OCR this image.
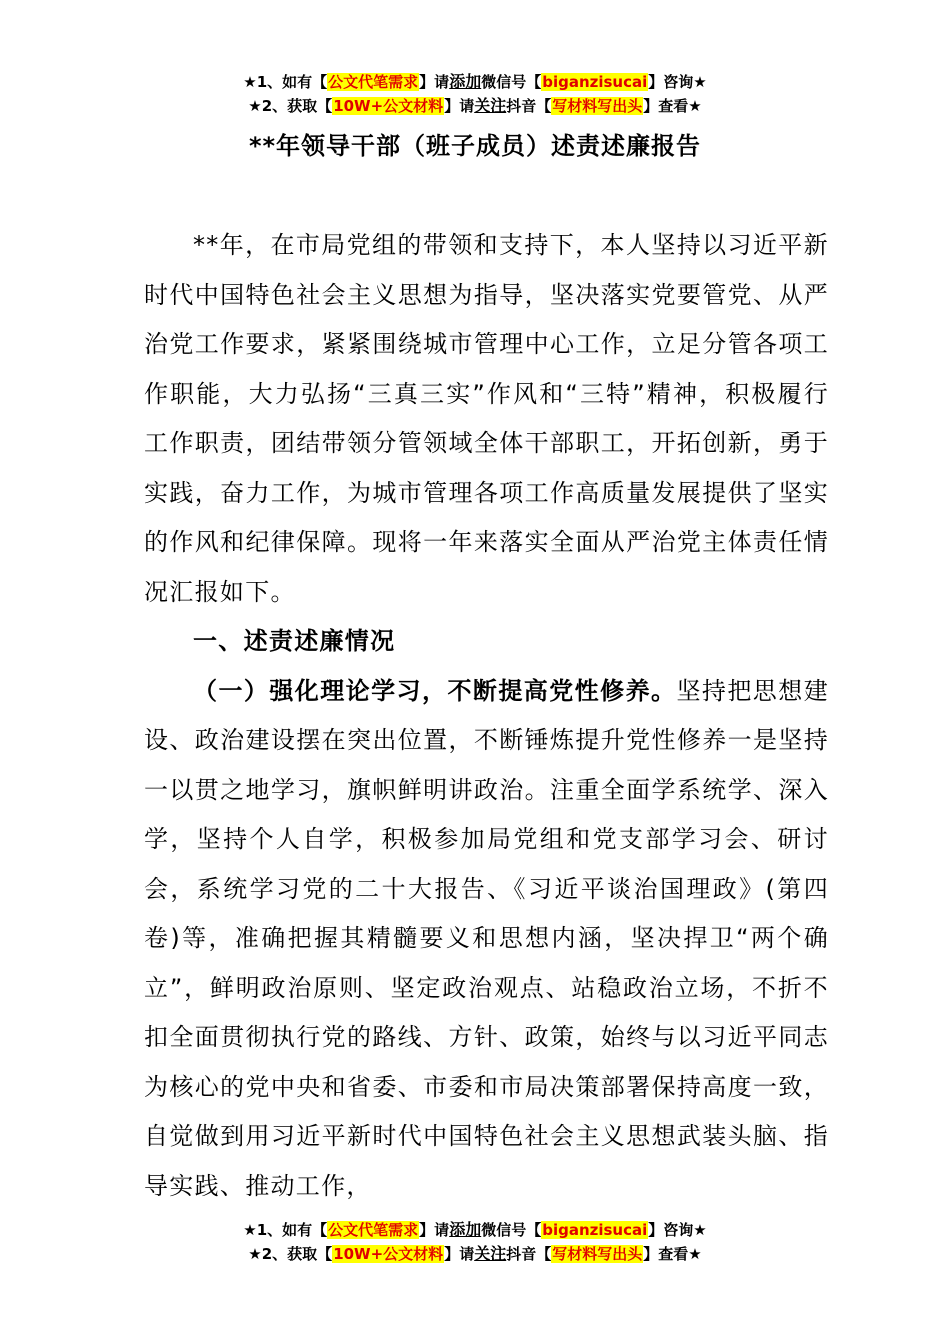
★1、如有【公文代笔需求】请添加微信号【biganzisucai】咨询★
★2、获取【10W+公文材料】请关注抖音【写材料写出头】查看★
**年领导干部（班子成员）述责述廉报告

**年，在市局党组的带领和支持下，本人坚持以习近平新时代中国特色社会主义思想为指导，坚决落实党要管党、从严治党工作要求，紧紧围绕城市管理中心工作，立足分管各项工作职能，大力弘扬“三真三实”作风和“三特”精神，积极履行工作职责，团结带领分管领域全体干部职工，开拓创新，勇于实践，奋力工作，为城市管理各项工作高质量发展提供了坚实的作风和纪律保障。现将一年来落实全面从严治党主体责任情况汇报如下。

一、述责述廉情况

（一）强化理论学习，不断提高党性修养。坚持把思想建设、政治建设摆在突出位置，不断锤炼提升党性修养一是坚持一以贯之地学习，旗帜鲜明讲政治。注重全面学系统学、深入学，坚持个人自学，积极参加局党组和党支部学习会、研讨会，系统学习党的二十大报告、《习近平谈治国理政》(第四卷)等，准确把握其精髓要义和思想内涵，坚决捍卫“两个确立”，鲜明政治原则、坚定政治观点、站稳政治立场，不折不扣全面贯彻执行党的路线、方针、政策，始终与以习近平同志为核心的党中央和省委、市委和市局决策部署保持高度一致，自觉做到用习近平新时代中国特色社会主义思想武装头脑、指导实践、推动工作，

★1、如有【公文代笔需求】请添加微信号【biganzisucai】咨询★
★2、获取【10W+公文材料】请关注抖音【写材料写出头】查看★
